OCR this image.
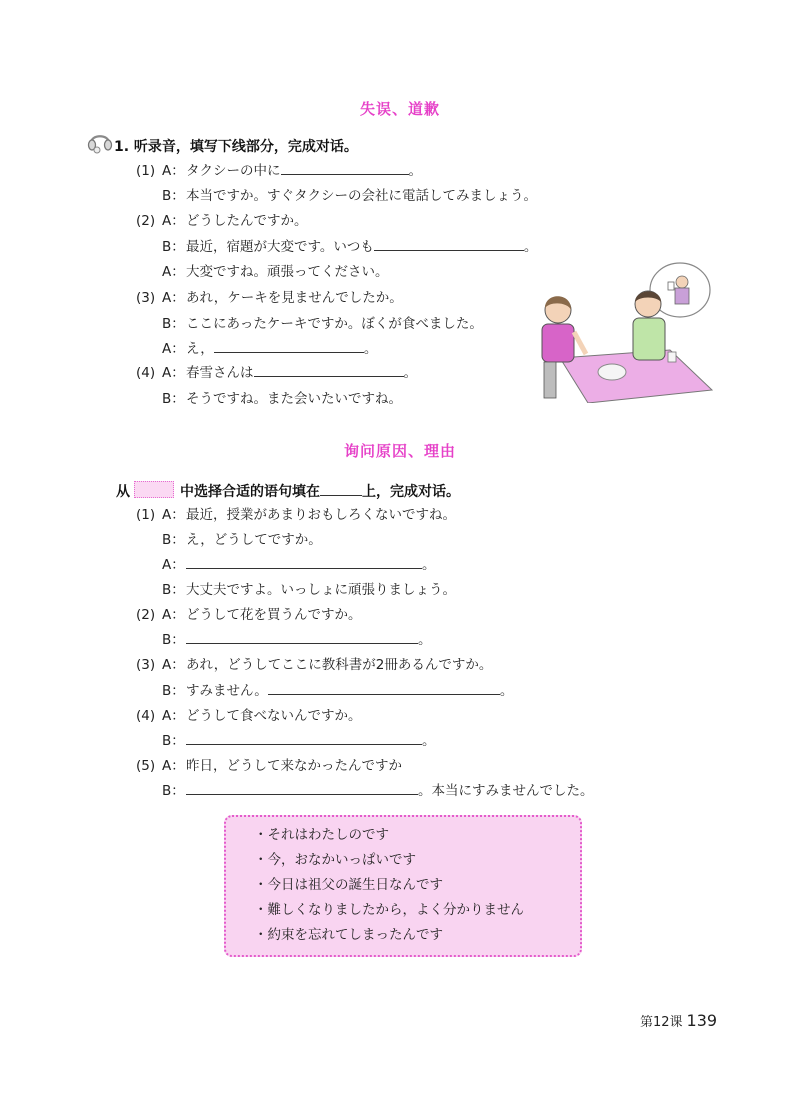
失误、道歉
1. 听录音，填写下线部分，完成对话。
(1) A：タクシーの中に	。
B：本当ですか。すぐタクシーの会社に電話してみましょう。
(2) A：どうしたんですか。
B：最近，宿題が大変です。いつも	。
A：大変ですね。頑張ってください。
(3) A：あれ，ケーキを見ませんでしたか。
B：ここにあったケーキですか。ぼくが食べました。
A：え，	。
(4) A：春雪さんは	。
B：そうですね。また会いたいですね。
询问原因、理由
从	中选择合适的语句填在	上，完成对话。
(1) A：最近，授業があまりおもしろくないですね。
B：え，どうしてですか。
A：	。
B：大丈夫ですよ。いっしょに頑張りましょう。
(2) A：どうして花を買うんですか。
B：	。
(3) A：あれ，どうしてここに教科書が2冊あるんですか。
B：すみません。	。
(4) A：どうして食べないんですか。
B：	。
(5) A：昨日，どうして来なかったんですか
B：	。本当にすみませんでした。
・それはわたしのです
・今，おなかいっぱいです
・今日は祖父の誕生日なんです
・難しくなりましたから，よく分かりません
・約束を忘れてしまったんです
第12课 139
